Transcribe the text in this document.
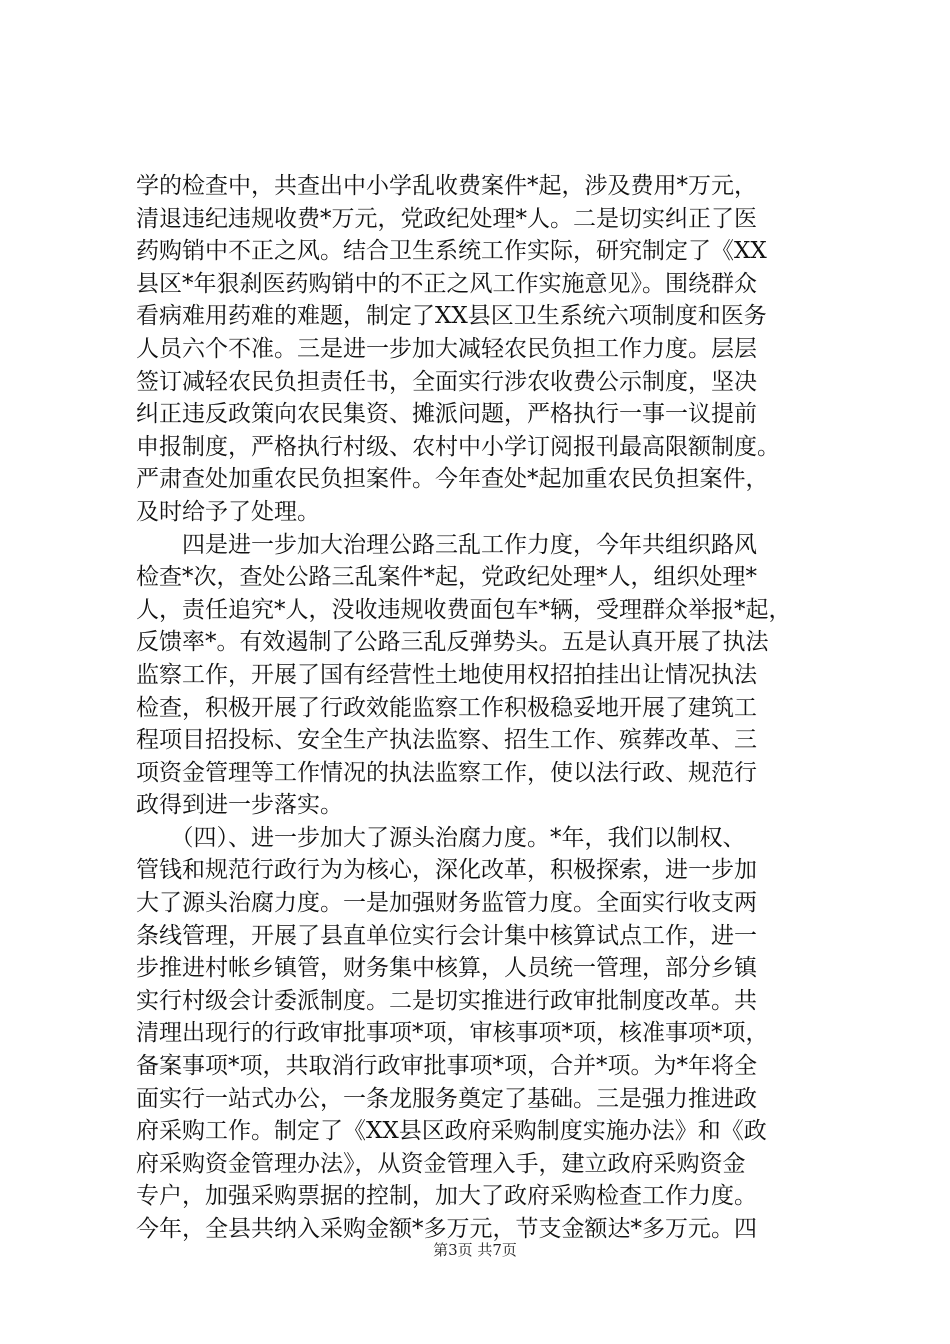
学的检查中，共查出中小学乱收费案件*起，涉及费用*万元，
清退违纪违规收费*万元，党政纪处理*人。二是切实纠正了医
药购销中不正之风。结合卫生系统工作实际，研究制定了《XX
县区*年狠刹医药购销中的不正之风工作实施意见》。围绕群众
看病难用药难的难题，制定了XX县区卫生系统六项制度和医务
人员六个不准。三是进一步加大减轻农民负担工作力度。层层
签订减轻农民负担责任书，全面实行涉农收费公示制度，坚决
纠正违反政策向农民集资、摊派问题，严格执行一事一议提前
申报制度，严格执行村级、农村中小学订阅报刊最高限额制度。
严肃查处加重农民负担案件。今年查处*起加重农民负担案件，
及时给予了处理。
　　四是进一步加大治理公路三乱工作力度，今年共组织路风
检查*次，查处公路三乱案件*起，党政纪处理*人，组织处理*
人，责任追究*人，没收违规收费面包车*辆，受理群众举报*起，
反馈率*。有效遏制了公路三乱反弹势头。五是认真开展了执法
监察工作，开展了国有经营性土地使用权招拍挂出让情况执法
检查，积极开展了行政效能监察工作积极稳妥地开展了建筑工
程项目招投标、安全生产执法监察、招生工作、殡葬改革、三
项资金管理等工作情况的执法监察工作，使以法行政、规范行
政得到进一步落实。
　　（四）、进一步加大了源头治腐力度。*年，我们以制权、
管钱和规范行政行为为核心，深化改革，积极探索，进一步加
大了源头治腐力度。一是加强财务监管力度。全面实行收支两
条线管理，开展了县直单位实行会计集中核算试点工作，进一
步推进村帐乡镇管，财务集中核算，人员统一管理，部分乡镇
实行村级会计委派制度。二是切实推进行政审批制度改革。共
清理出现行的行政审批事项*项，审核事项*项，核准事项*项，
备案事项*项，共取消行政审批事项*项，合并*项。为*年将全
面实行一站式办公，一条龙服务奠定了基础。三是强力推进政
府采购工作。制定了《XX县区政府采购制度实施办法》和《政
府采购资金管理办法》，从资金管理入手，建立政府采购资金
专户，加强采购票据的控制，加大了政府采购检查工作力度。
今年，全县共纳入采购金额*多万元，节支金额达*多万元。四
第3页 共7页
